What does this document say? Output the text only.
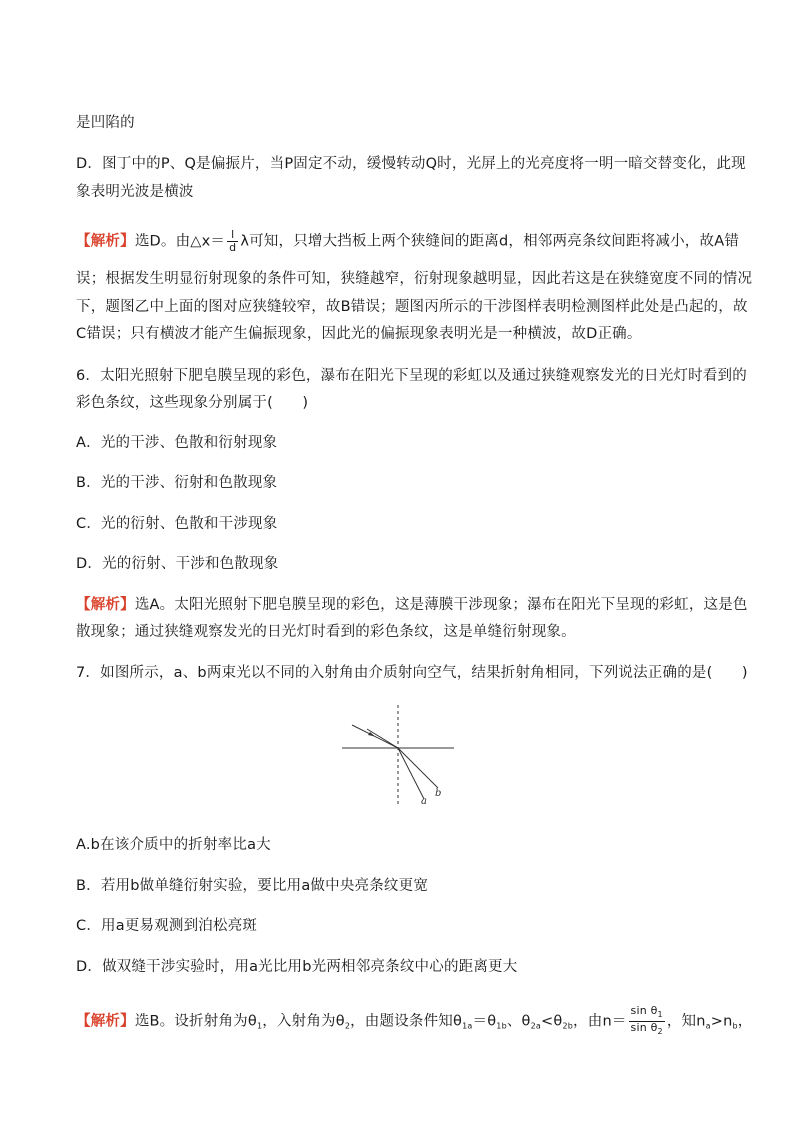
是凹陷的
D．图丁中的P、Q是偏振片，当P固定不动，缓慢转动Q时，光屏上的光亮度将一明一暗交替变化，此现
象表明光波是横波
【解析】选D。由△x＝ $\frac{l}{d}$ λ可知，只增大挡板上两个狭缝间的距离d，相邻两亮条纹间距将减小，故A错
误；根据发生明显衍射现象的条件可知，狭缝越窄，衍射现象越明显，因此若这是在狭缝宽度不同的情况
下，题图乙中上面的图对应狭缝较窄，故B错误；题图丙所示的干涉图样表明检测图样此处是凸起的，故
C错误；只有横波才能产生偏振现象，因此光的偏振现象表明光是一种横波，故D正确。
6．太阳光照射下肥皂膜呈现的彩色，瀑布在阳光下呈现的彩虹以及通过狭缝观察发光的日光灯时看到的
彩色条纹，这些现象分别属于(　　)
A．光的干涉、色散和衍射现象
B．光的干涉、衍射和色散现象
C．光的衍射、色散和干涉现象
D．光的衍射、干涉和色散现象
【解析】选A。太阳光照射下肥皂膜呈现的彩色，这是薄膜干涉现象；瀑布在阳光下呈现的彩虹，这是色
散现象；通过狭缝观察发光的日光灯时看到的彩色条纹，这是单缝衍射现象。
7．如图所示，a、b两束光以不同的入射角由介质射向空气，结果折射角相同，下列说法正确的是(　　)
a
b
A.b在该介质中的折射率比a大
B．若用b做单缝衍射实验，要比用a做中央亮条纹更宽
C．用a更易观测到泊松亮斑
D．做双缝干涉实验时，用a光比用b光两相邻亮条纹中心的距离更大
【解析】选B。设折射角为$\theta_1$，入射角为$\theta_2$，由题设条件知$\theta_{1a}=\theta_{1b}$、$\theta_{2a}<\theta_{2b}$，由$n= \frac{\sin \theta_1}{\sin \theta_2}$ ，知$n_a>n_b$，
